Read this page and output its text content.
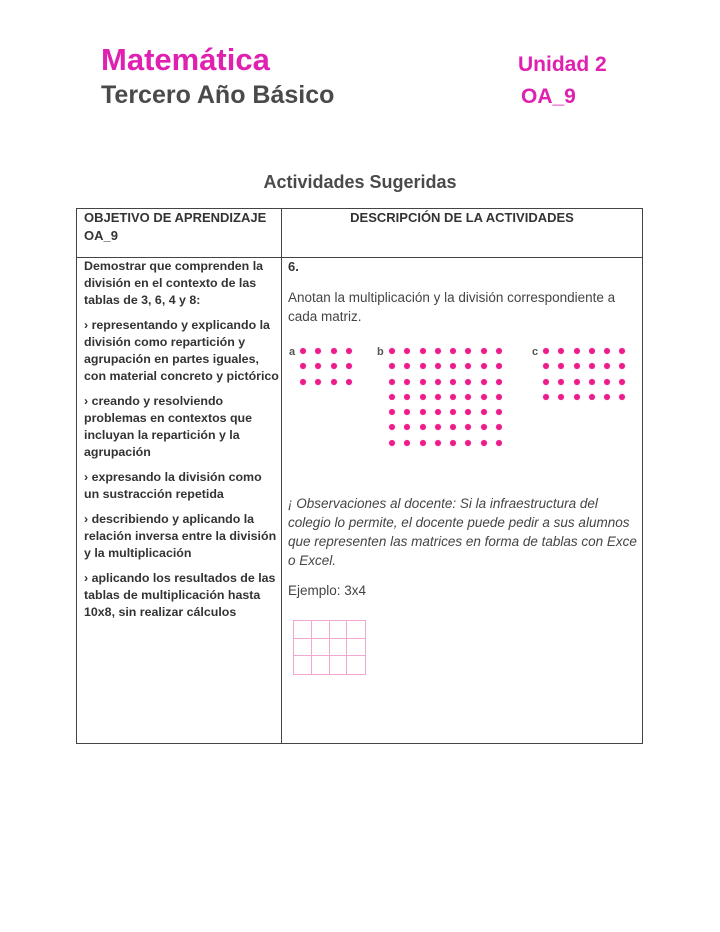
Matemática
Tercero Año Básico
Unidad 2
OA_9
Actividades Sugeridas
OBJETIVO DE APRENDIZAJE OA_9
DESCRIPCIÓN DE LA ACTIVIDADES

Demostrar que comprenden la división en el contexto de las tablas de 3, 6, 4 y 8:

› representando y explicando la división como repartición y agrupación en partes iguales, con material concreto y pictórico

› creando y resolviendo problemas en contextos que incluyan la repartición y la agrupación

› expresando la división como un sustracción repetida

› describiendo y aplicando la relación inversa entre la división y la multiplicación

› aplicando los resultados de las tablas de multiplicación hasta 10x8, sin realizar cálculos

6.
Anotan la multiplicación y la división correspondiente a cada matriz.
a	b	c
¡ Observaciones al docente: Si la infraestructura del colegio lo permite, el docente puede pedir a sus alumnos que representen las matrices en forma de tablas con Exce o Excel.
Ejemplo: 3x4
